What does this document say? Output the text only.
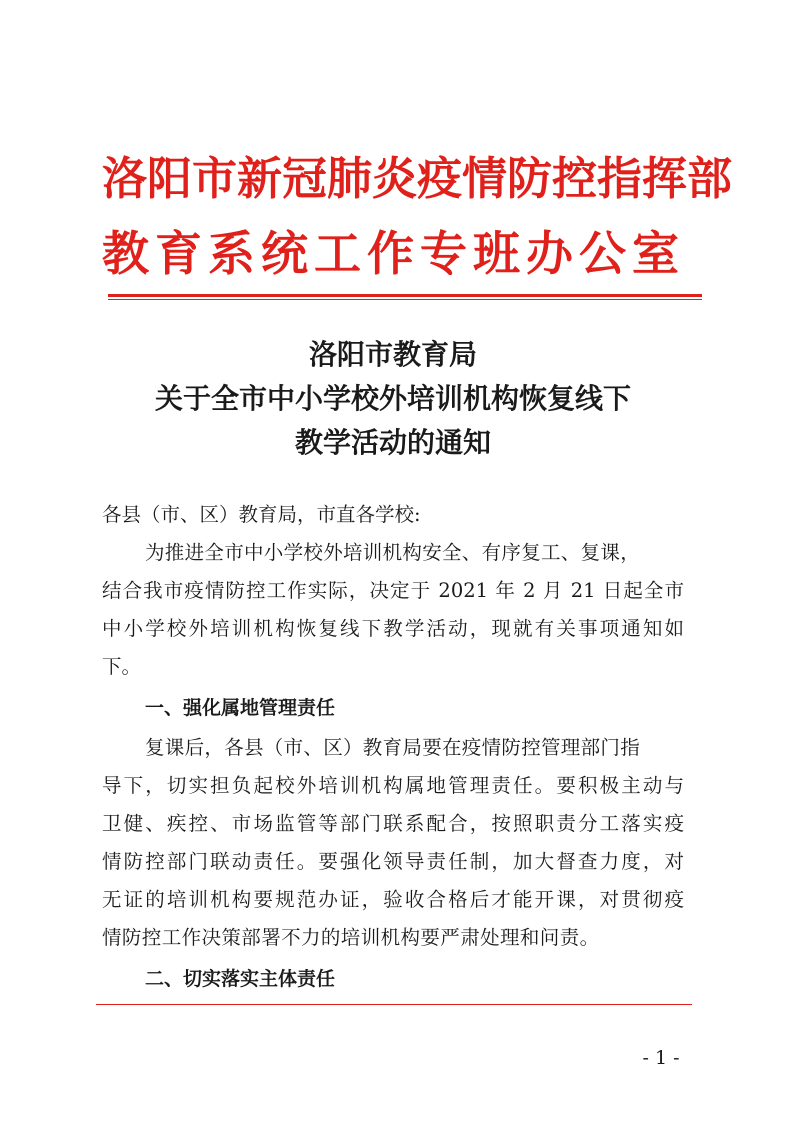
洛阳市新冠肺炎疫情防控指挥部
教育系统工作专班办公室
洛阳市教育局
关于全市中小学校外培训机构恢复线下
教学活动的通知
各县（市、区）教育局，市直各学校:
为推进全市中小学校外培训机构安全、有序复工、复课，
结合我市疫情防控工作实际，决定于 2021 年 2 月 21 日起全市
中小学校外培训机构恢复线下教学活动，现就有关事项通知如
下。
一、强化属地管理责任
复课后，各县（市、区）教育局要在疫情防控管理部门指
导下，切实担负起校外培训机构属地管理责任。要积极主动与
卫健、疾控、市场监管等部门联系配合，按照职责分工落实疫
情防控部门联动责任。要强化领导责任制，加大督查力度，对
无证的培训机构要规范办证，验收合格后才能开课，对贯彻疫
情防控工作决策部署不力的培训机构要严肃处理和问责。
二、切实落实主体责任
- 1 -
